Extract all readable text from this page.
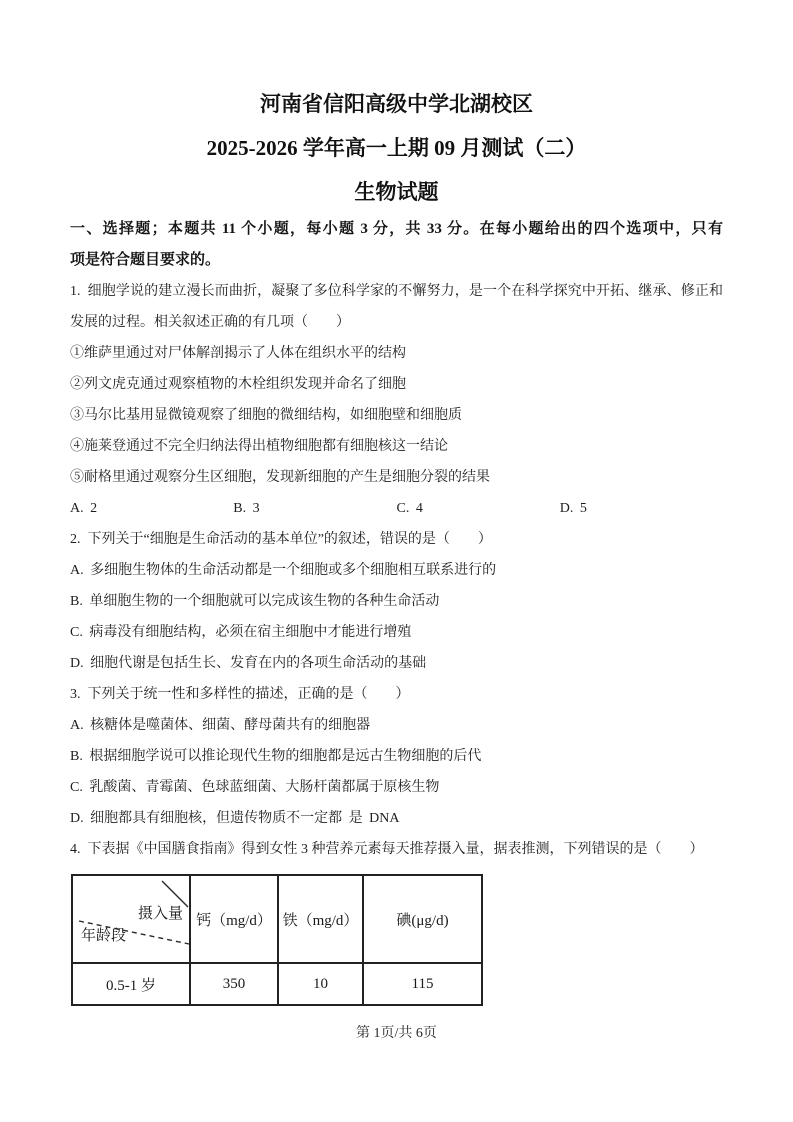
河南省信阳高级中学北湖校区
2025-2026 学年高一上期 09 月测试（二）
生物试题

一、选择题；本题共 11 个小题，每小题 3 分，共 33 分。在每小题给出的四个选项中，只有

项是符合题目要求的。

1. 细胞学说的建立漫长而曲折，凝聚了多位科学家的不懈努力，是一个在科学探究中开拓、继承、修正和

发展的过程。相关叙述正确的有几项（　　）

①维萨里通过对尸体解剖揭示了人体在组织水平的结构

②列文虎克通过观察植物的木栓组织发现并命名了细胞

③马尔比基用显微镜观察了细胞的微细结构，如细胞壁和细胞质

④施莱登通过不完全归纳法得出植物细胞都有细胞核这一结论

⑤耐格里通过观察分生区细胞，发现新细胞的产生是细胞分裂的结果

A. 2	B. 3	C. 4	D. 5

2. 下列关于“细胞是生命活动的基本单位”的叙述，错误的是（　　）

A. 多细胞生物体的生命活动都是一个细胞或多个细胞相互联系进行的

B. 单细胞生物的一个细胞就可以完成该生物的各种生命活动

C. 病毒没有细胞结构，必须在宿主细胞中才能进行增殖

D. 细胞代谢是包括生长、发育在内的各项生命活动的基础

3. 下列关于统一性和多样性的描述，正确的是（　　）

A. 核糖体是噬菌体、细菌、酵母菌共有的细胞器

B. 根据细胞学说可以推论现代生物的细胞都是远古生物细胞的后代

C. 乳酸菌、青霉菌、色球蓝细菌、大肠杆菌都属于原核生物

D. 细胞都具有细胞核，但遗传物质不一定都 是 DNA

4. 下表据《中国膳食指南》得到女性 3 种营养元素每天推荐摄入量，据表推测，下列错误的是（　　）

摄入量
年龄段	钙（mg/d）	铁（mg/d）	碘(μg/d)
0.5-1 岁	350	10	115
第 1页/共 6页
